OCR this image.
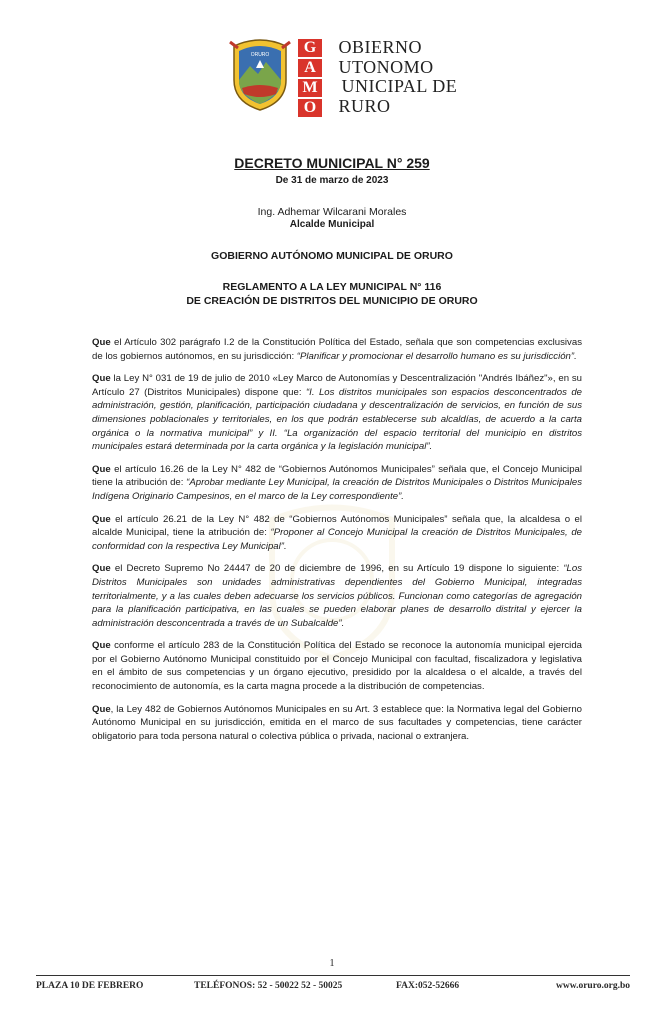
ORURO	G
A
M
O
GOBIERNO
AUTONOMO
MUNICIPAL DE
ORURO
DECRETO MUNICIPAL N° 259
De 31 de marzo de 2023
Ing. Adhemar Wilcarani Morales
Alcalde Municipal
GOBIERNO AUTÓNOMO MUNICIPAL DE ORURO
REGLAMENTO A LA LEY MUNICIPAL N° 116
DE CREACIÓN DE DISTRITOS DEL MUNICIPIO DE ORURO

Que el Artículo 302 parágrafo I.2 de la Constitución Política del Estado, señala que son competencias exclusivas de los gobiernos autónomos, en su jurisdicción: “Planificar y promocionar el desarrollo humano es su jurisdicción”.

Que la Ley N° 031 de 19 de julio de 2010 «Ley Marco de Autonomías y Descentralización "Andrés Ibáñez"», en su Artículo 27 (Distritos Municipales) dispone que: “I. Los distritos municipales son espacios desconcentrados de administración, gestión, planificación, participación ciudadana y descentralización de servicios, en función de sus dimensiones poblacionales y territoriales, en los que podrán establecerse sub alcaldías, de acuerdo a la carta orgánica o la normativa municipal” y II. “La organización del espacio territorial del municipio en distritos municipales estará determinada por la carta orgánica y la legislación municipal”.

Que el artículo 16.26 de la Ley N° 482 de “Gobiernos Autónomos Municipales” señala que, el Concejo Municipal tiene la atribución de: “Aprobar mediante Ley Municipal, la creación de Distritos Municipales o Distritos Municipales Indígena Originario Campesinos, en el marco de la Ley correspondiente”.

Que el artículo 26.21 de la Ley N° 482 de “Gobiernos Autónomos Municipales” señala que, la alcaldesa o el alcalde Municipal, tiene la atribución de: “Proponer al Concejo Municipal la creación de Distritos Municipales, de conformidad con la respectiva Ley Municipal”.

Que el Decreto Supremo No 24447 de 20 de diciembre de 1996, en su Artículo 19 dispone lo siguiente: “Los Distritos Municipales son unidades administrativas dependientes del Gobierno Municipal, integradas territorialmente, y a las cuales deben adecuarse los servicios públicos. Funcionan como categorías de agregación para la planificación participativa, en las cuales se pueden elaborar planes de desarrollo distrital y ejercer la administración desconcentrada a través de un Subalcalde”.

Que conforme el artículo 283 de la Constitución Política del Estado se reconoce la autonomía municipal ejercida por el Gobierno Autónomo Municipal constituido por el Concejo Municipal con facultad, fiscalizadora y legislativa en el ámbito de sus competencias y un órgano ejecutivo, presidido por la alcaldesa o el alcalde, a través del reconocimiento de autonomía, es la carta magna procede a la distribución de competencias.

Que, la Ley 482 de Gobiernos Autónomos Municipales en su Art. 3 establece que: la Normativa legal del Gobierno Autónomo Municipal en su jurisdicción, emitida en el marco de sus facultades y competencias, tiene carácter obligatorio para toda persona natural o colectiva pública o privada, nacional o extranjera.

1
PLAZA 10 DE FEBRERO	TELÉFONOS: 52 - 50022 52 - 50025	FAX:052-52666	www.oruro.org.bo
